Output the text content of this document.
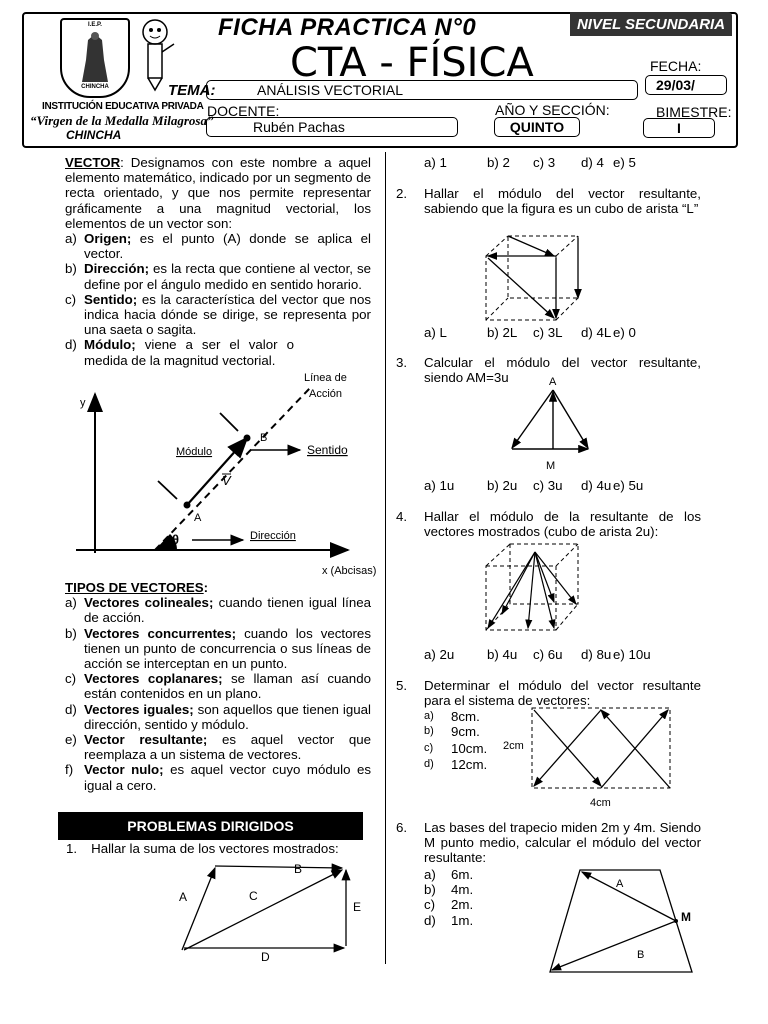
I.E.P.
CHINCHA
INSTITUCIÓN EDUCATIVA PRIVADA
“Virgen de la Medalla Milagrosa”
CHINCHA
FICHA PRACTICA N°0
CTA - FÍSICA
NIVEL SECUNDARIA
TEMA:	ANÁLISIS VECTORIAL
FECHA:
29/03/
DOCENTE:
Rubén Pachas
AÑO Y SECCIÓN:
QUINTO
BIMESTRE:
I

VECTOR: Designamos con este nombre a aquel elemento matemático, indicado por un segmento de recta orientado, y que nos permite representar gráficamente a una magnitud vectorial, los elementos de un vector son:

a) Origen; es el punto (A) donde se aplica el vector.
b) Dirección; es la recta que contiene al vector, se define por el ángulo medido en sentido horario.
c) Sentido; es la característica del vector que nos indica hacia dónde se dirige, se representa por una saeta o sagita.
d) Módulo; viene a ser el valor o medida de la magnitud vectorial.
Línea de
Acción
y
Módulo
B
Sentido
V
A
θ	Dirección
x (Abcisas)

TIPOS DE VECTORES:

a) Vectores colineales; cuando tienen igual línea de acción.
b) Vectores concurrentes; cuando los vectores tienen un punto de concurrencia o sus líneas de acción se interceptan en un punto.
c) Vectores coplanares; se llaman así cuando están contenidos en un plano.
d) Vectores iguales; son aquellos que tienen igual dirección, sentido y módulo.
e) Vector resultante; es aquel vector que reemplaza a un sistema de vectores.
f) Vector nulo; es aquel vector cuyo módulo es igual a cero.
PROBLEMAS DIRIGIDOS
1. Hallar la suma de los vectores mostrados:
A
B
C
D
E
a) 1	b) 2	c) 3	d) 4 e) 5
2.	Hallar el módulo del vector resultante, sabiendo que la figura es un cubo de arista “L”
a) L	b) 2L	c) 3L	d) 4L e) 0
3.	Calcular el módulo del vector resultante, siendo AM=3u	A
M
a) 1u	b) 2u	c) 3u	d) 4u e) 5u
4.	Hallar el módulo de la resultante de los vectores mostrados (cubo de arista 2u):
a) 2u	b) 4u	c) 6u	d) 8u e) 10u
5.	Determinar el módulo del vector resultante para el sistema de vectores:
a)	8cm.
b)	9cm.
c)	10cm.
d)	12cm.
2cm
4cm
6.	Las bases del trapecio miden 2m y 4m. Siendo M punto medio, calcular el módulo del vector resultante:
a)	6m.
b)	4m.
c)	2m.
d)	1m.
A
B
M
